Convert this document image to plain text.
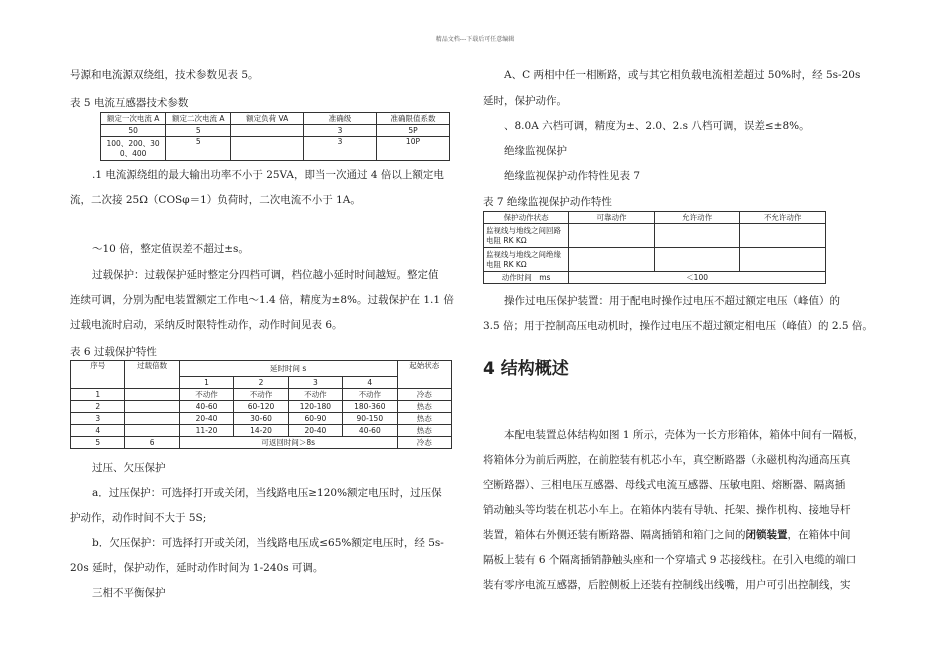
精品文档---下载后可任意编辑
号源和电流源双绕组，技术参数见表 5。
表 5 电流互感器技术参数
额定一次电流 A	额定二次电流 A	额定负荷 VA	准确级	准确限值系数
50	5		3	5P
100、200、300、400	5		3	10P
.1 电流源绕组的最大输出功率不小于 25VA，即当一次通过 4 倍以上额定电
流，二次接 25Ω（COSφ＝1）负荷时，二次电流不小于 1A。
～10 倍，整定值误差不超过±s。
过载保护：过载保护延时整定分四档可调，档位越小延时时间越短。整定值
连续可调，分别为配电装置额定工作电～1.4 倍，精度为±8%。过载保护在 1.1 倍
过载电流时启动，采纳反时限特性动作，动作时间见表 6。
表 6 过载保护特性
序号	过载倍数	延时时间 s				起始状态
		1	2	3	4	
1		不动作	不动作	不动作	不动作	冷态
2		40-60	60-120	120-180	180-360	热态
3		20-40	30-60	60-90	90-150	热态
4		11-20	14-20	20-40	40-60	热态
5	6	可返回时间＞8s				冷态
过压、欠压保护
a．过压保护：可选择打开或关闭，当线路电压≥120%额定电压时，过压保
护动作，动作时间不大于 5S;
b．欠压保护：可选择打开或关闭，当线路电压成≤65%额定电压时，经 5s-
20s 延时，保护动作，延时动作时间为 1-240s 可调。
三相不平衡保护
A、C 两相中任一相断路，或与其它相负载电流相差超过 50%时，经 5s-20s
延时，保护动作。
、8.0A 六档可调，精度为±、2.0、2.s 八档可调，误差≤±8%。
绝缘监视保护
绝缘监视保护动作特性见表 7
表 7 绝缘监视保护动作特性
保护动作状态	可靠动作	允许动作	不允许动作
监视线与地线之间回路电阻 RK KΩ			
监视线与地线之间绝缘电阻 RK KΩ			
动作时间　ms	＜100		
操作过电压保护装置：用于配电时操作过电压不超过额定电压（峰值）的
3.5 倍；用于控制高压电动机时，操作过电压不超过额定相电压（峰值）的 2.5 倍。
4 结构概述
本配电装置总体结构如图 1 所示，壳体为一长方形箱体，箱体中间有一隔板，
将箱体分为前后两腔，在前腔装有机芯小车，真空断路器（永磁机构沟通高压真
空断路器）、三相电压互感器、母线式电流互感器、压敏电阻、熔断器、隔离插
销动触头等均装在机芯小车上。在箱体内装有导轨、托架、操作机构、接地导杆
装置，箱体右外侧还装有断路器、隔离插销和箱门之间的闭锁装置，在箱体中间
隔板上装有 6 个隔离插销静触头座和一个穿墙式 9 芯接线柱。在引入电缆的端口
装有零序电流互感器，后腔侧板上还装有控制线出线嘴，用户可引出控制线，实
